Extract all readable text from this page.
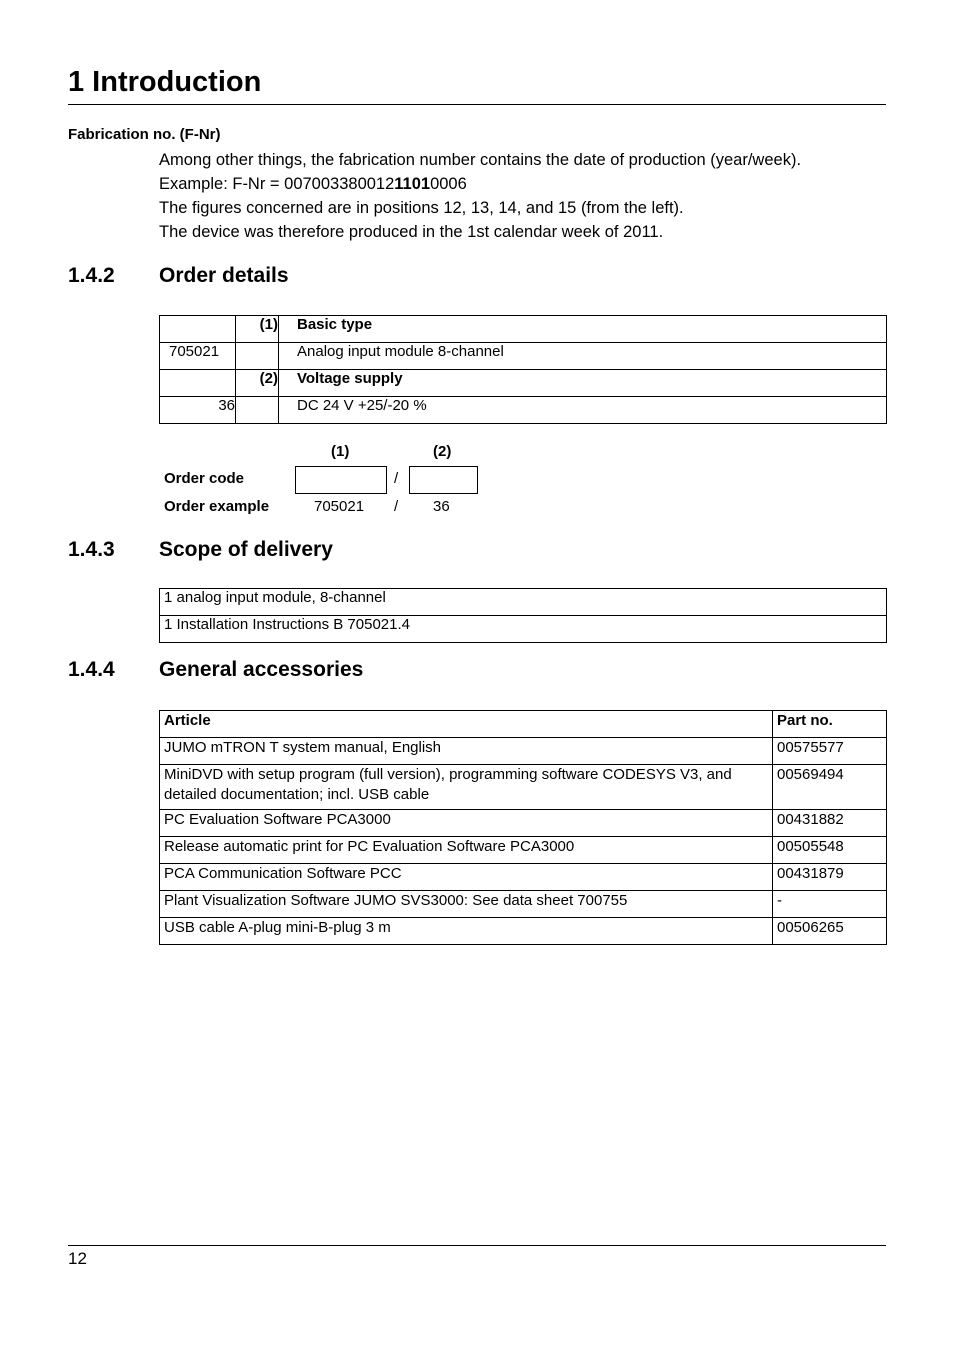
1 Introduction
Fabrication no. (F-Nr)
Among other things, the fabrication number contains the date of production (year/week).
Example: F-Nr = 00700338001211010006
The figures concerned are in positions 12, 13, 14, and 15 (from the left).
The device was therefore produced in the 1st calendar week of 2011.
1.4.2 Order details
	(1)	Basic type
705021		Analog input module 8-channel
	(2)	Voltage supply
36		DC 24 V +25/-20 %
(1)	(2)
Order code	/
Order example	705021 / 36
1.4.3 Scope of delivery
1 analog input module, 8-channel
1 Installation Instructions B 705021.4
1.4.4 General accessories
Article	Part no.
JUMO mTRON T system manual, English	00575577
MiniDVD with setup program (full version), programming software CODESYS V3, and detailed documentation; incl. USB cable	00569494
PC Evaluation Software PCA3000	00431882
Release automatic print for PC Evaluation Software PCA3000	00505548
PCA Communication Software PCC	00431879
Plant Visualization Software JUMO SVS3000: See data sheet 700755	-
USB cable A-plug mini-B-plug 3 m	00506265
12
